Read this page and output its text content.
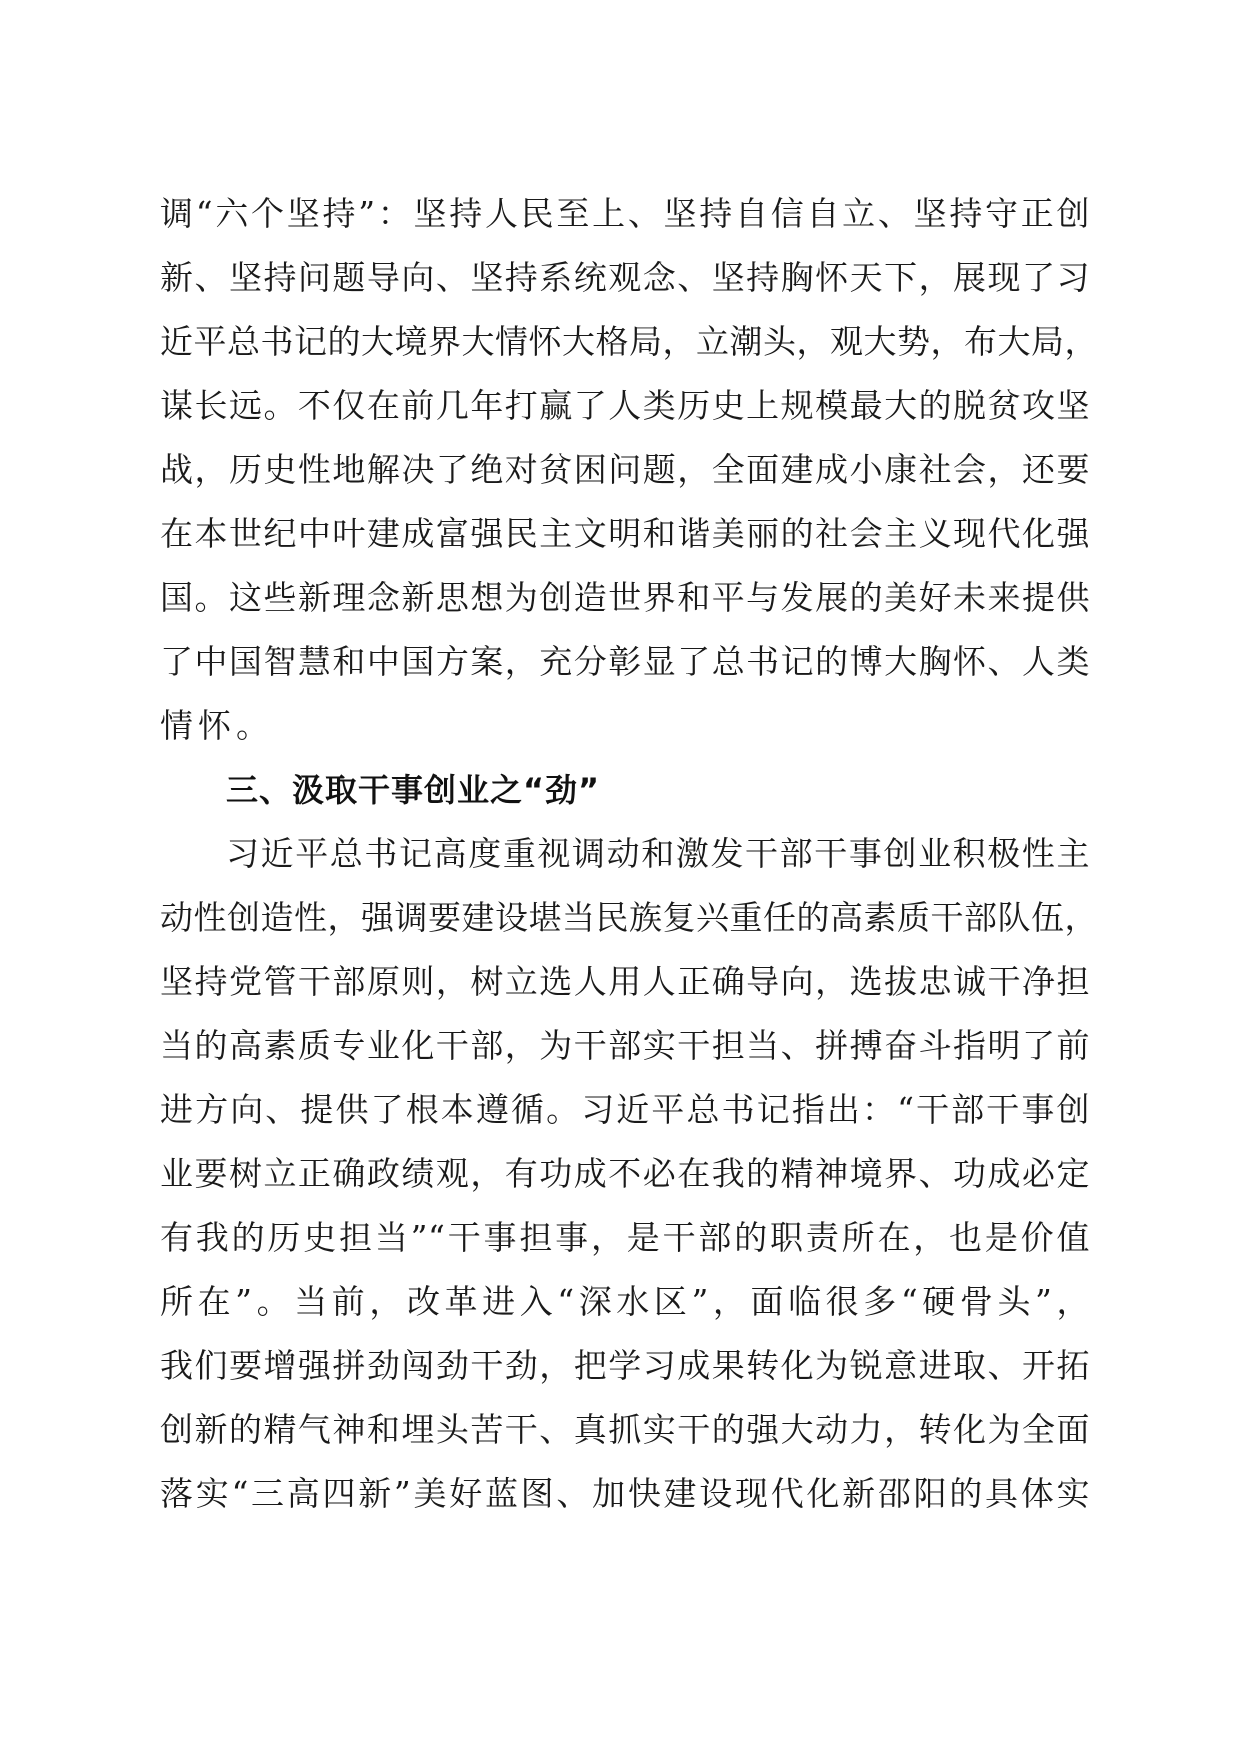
调“六个坚持”：坚持人民至上、坚持自信自立、坚持守正创
新、坚持问题导向、坚持系统观念、坚持胸怀天下，展现了习
近平总书记的大境界大情怀大格局，立潮头，观大势，布大局，
谋长远。不仅在前几年打赢了人类历史上规模最大的脱贫攻坚
战，历史性地解决了绝对贫困问题，全面建成小康社会，还要
在本世纪中叶建成富强民主文明和谐美丽的社会主义现代化强
国。这些新理念新思想为创造世界和平与发展的美好未来提供
了中国智慧和中国方案，充分彰显了总书记的博大胸怀、人类
情怀。
三、汲取干事创业之“劲”
习近平总书记高度重视调动和激发干部干事创业积极性主
动性创造性，强调要建设堪当民族复兴重任的高素质干部队伍，
坚持党管干部原则，树立选人用人正确导向，选拔忠诚干净担
当的高素质专业化干部，为干部实干担当、拼搏奋斗指明了前
进方向、提供了根本遵循。习近平总书记指出：“干部干事创
业要树立正确政绩观，有功成不必在我的精神境界、功成必定
有我的历史担当”“干事担事，是干部的职责所在，也是价值
所在”。当前，改革进入“深水区”，面临很多“硬骨头”，
我们要增强拼劲闯劲干劲，把学习成果转化为锐意进取、开拓
创新的精气神和埋头苦干、真抓实干的强大动力，转化为全面
落实“三高四新”美好蓝图、加快建设现代化新邵阳的具体实
